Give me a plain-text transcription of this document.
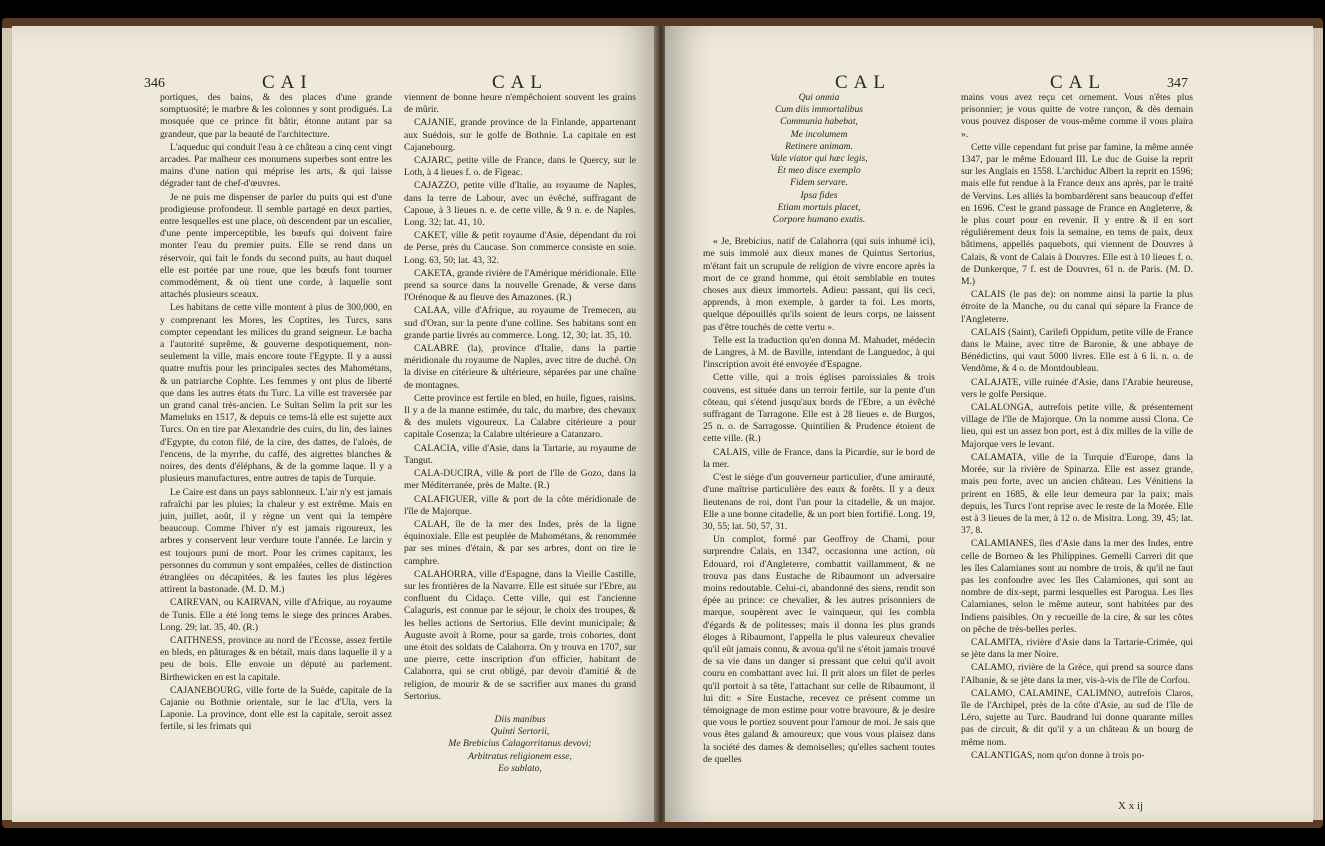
346	CAI	CAL

portiques, des bains, & des places d'une grande somptuosité; le marbre & les colonnes y sont prodigués. La mosquée que ce prince fit bâtir, étonne autant par sa grandeur, que par la beauté de l'architecture.

L'aqueduc qui conduit l'eau à ce château a cinq cent vingt arcades. Par malheur ces monumens superbes sont entre les mains d'une nation qui méprise les arts, & qui laisse dégrader tant de chef-d'œuvres.

Je ne puis me dispenser de parler du puits qui est d'une prodigieuse profondeur. Il semble partagé en deux parties, entre lesquelles est une place, où descendent par un escalier, d'une pente imperceptible, les bœufs qui doivent faire monter l'eau du premier puits. Elle se rend dans un réservoir, qui fait le fonds du second puits, au haut duquel elle est portée par une roue, que les bœufs font tourner commodément, & où tient une corde, à laquelle sont attachés plusieurs sceaux.

Les habitans de cette ville montent à plus de 300,000, en y comprenant les Mores, les Coptites, les Turcs, sans compter cependant les milices du grand seigneur. Le bacha a l'autorité suprême, & gouverne despotiquement, non-seulement la ville, mais encore toute l'Egypte. Il y a aussi quatre muftis pour les principales sectes des Mahométans, & un patriarche Cophte. Les femmes y ont plus de liberté que dans les autres états du Turc. La ville est traversée par un grand canal très-ancien. Le Sultan Selim la prit sur les Mameluks en 1517, & depuis ce tems-là elle est sujette aux Turcs. On en tire par Alexandrie des cuirs, du lin, des laines d'Egypte, du coton filé, de la cire, des dattes, de l'aloès, de l'encens, de la myrrhe, du caffé, des aigrettes blanches & noires, des dents d'éléphans, & de la gomme laque. Il y a plusieurs manufactures, entre autres de tapis de Turquie.

Le Caire est dans un pays sablonneux. L'air n'y est jamais rafraîchi par les pluies; la chaleur y est extrême. Mais en juin, juillet, août, il y règne un vent qui la tempère beaucoup. Comme l'hiver n'y est jamais rigoureux, les arbres y conservent leur verdure toute l'année. Le larcin y est toujours puni de mort. Pour les crimes capitaux, les personnes du commun y sont empalées, celles de distinction étranglées ou décapitées, & les fautes les plus légères attirent la bastonade. (M. D. M.)

CAIREVAN, ou KAIRVAN, ville d'Afrique, au royaume de Tunis. Elle a été long tems le siege des princes Arabes. Long. 29; lat. 35, 40. (R.)

CAITHNESS, province au nord de l'Ecosse, assez fertile en bleds, en pâturages & en bétail, mais dans laquelle il y a peu de bois. Elle envoie un député au parlement. Birthewicken en est la capitale.

CAJANEBOURG, ville forte de la Suède, capitale de la Cajanie ou Bothnie orientale, sur le lac d'Ula, vers la Laponie. La province, dont elle est la capitale, seroit assez fertile, si les frimats qui

viennent de bonne heure n'empêchoient souvent les grains de mûrir.

CAJANIE, grande province de la Finlande, appartenant aux Suédois, sur le golfe de Bothnie. La capitale en est Cajanebourg.

CAJARC, petite ville de France, dans le Quercy, sur le Loth, à 4 lieues f. o. de Figeac.

CAJAZZO, petite ville d'Italie, au royaume de Naples, dans la terre de Labour, avec un évêché, suffragant de Capoue, à 3 lieues n. e. de cette ville, & 9 n. e. de Naples. Long. 32; lat. 41, 10.

CAKET, ville & petit royaume d'Asie, dépendant du roi de Perse, près du Caucase. Son commerce consiste en soie. Long. 63, 50; lat. 43, 32.

CAKETA, grande rivière de l'Amérique méridionale. Elle prend sa source dans la nouvelle Grenade, & verse dans l'Orénoque & au fleuve des Amazones. (R.)

CALAA, ville d'Afrique, au royaume de Tremecen, au sud d'Oran, sur la pente d'une colline. Ses habitans sont en grande partie livrés au commerce. Long. 12, 30; lat. 35, 10.

CALABRE (la), province d'Italie, dans la partie méridionale du royaume de Naples, avec titre de duché. On la divise en citérieure & ultérieure, séparées par une chaîne de montagnes.

Cette province est fertile en bled, en huile, figues, raisins. Il y a de la manne estimée, du talc, du marbre, des chevaux & des mulets vigoureux. La Calabre citérieure a pour capitale Cosenza; la Calabre ultérieure a Catanzaro.

CALACIA, ville d'Asie, dans la Tartarie, au royaume de Tangut.

CALA-DUCIRA, ville & port de l'île de Gozo, dans la mer Méditerranée, près de Malte. (R.)

CALAFIGUER, ville & port de la côte méridionale de l'île de Majorque.

CALAH, île de la mer des Indes, près de la ligne équinoxiale. Elle est peuplée de Mahométans, & renommée par ses mines d'étain, & par ses arbres, dont on tire le camphre.

CALAHORRA, ville d'Espagne, dans la Vieille Castille, sur les frontières de la Navarre. Elle est située sur l'Ebre, au confluent du Cidaço. Cette ville, qui est l'ancienne Calaguris, est connue par le séjour, le choix des troupes, & les belles actions de Sertorius. Elle devint municipale; & Auguste avoit à Rome, pour sa garde, trois cohortes, dont une étoit des soldats de Calahorra. On y trouva en 1707, sur une pierre, cette inscription d'un officier, habitant de Calahorra, qui se crut obligé, par devoir d'amitié & de religion, de mourir & de se sacrifier aux manes du grand Sertorius.

Diis manibus

Quinti Sertorii,

Me Brebicius Calagorritanus devovi;

Arbitratus religionem esse,

Eo sublato,

CAL	CAL	347

Qui omnia

Cum diis immortalibus

Communia habebat,

Me incolumem

Retinere animam.

Vale viator qui hæc legis,

Et meo disce exemplo

Fidem servare.

Ipsa fides

Etiam mortuis placet,

Corpore humano exutis.

« Je, Brebicius, natif de Calahorra (qui suis inhumé ici), me suis immolé aux dieux manes de Quintus Sertorius, m'étant fait un scrupule de religion de vivre encore après la mort de ce grand homme, qui étoit semblable en toutes choses aux dieux immortels. Adieu: passant, qui lis ceci, apprends, à mon exemple, à garder ta foi. Les morts, quelque dépouillés qu'ils soient de leurs corps, ne laissent pas d'être touchés de cette vertu ».

Telle est la traduction qu'en donna M. Mahudet, médecin de Langres, à M. de Baville, intendant de Languedoc, à qui l'inscription avoit été envoyée d'Espagne.

Cette ville, qui a trois églises paroissiales & trois couvens, est située dans un terroir fertile, sur la pente d'un côteau, qui s'étend jusqu'aux bords de l'Ebre, a un évêché suffragant de Tarragone. Elle est à 28 lieues e. de Burgos, 25 n. o. de Sarragosse. Quintilien & Prudence étoient de cette ville. (R.)

CALAIS, ville de France, dans la Picardie, sur le bord de la mer.

C'est le siège d'un gouverneur particulier, d'une amirauté, d'une maîtrise particulière des eaux & forêts. Il y a deux lieutenans de roi, dont l'un pour la citadelle, & un major. Elle a une bonne citadelle, & un port bien fortifié. Long. 19, 30, 55; lat. 50, 57, 31.

Un complot, formé par Geoffroy de Chami, pour surprendre Calais, en 1347, occasionna une action, où Edouard, roi d'Angleterre, combattit vaillamment, & ne trouva pas dans Eustache de Ribaumont un adversaire moins redoutable. Celui-ci, abandonné des siens, rendit son épée au prince: ce chevalier, & les autres prisonniers de marque, soupèrent avec le vainqueur, qui les combla d'égards & de politesses; mais il donna les plus grands éloges à Ribaumont, l'appella le plus valeureux chevalier qu'il eût jamais connu, & avoua qu'il ne s'étoit jamais trouvé de sa vie dans un danger si pressant que celui qu'il avoit couru en combattant avec lui. Il prit alors un filet de perles qu'il portoit à sa tête, l'attachant sur celle de Ribaumont, il lui dit: « Sire Eustache, recevez ce présent comme un témoignage de mon estime pour votre bravoure, & je desire que vous le portiez souvent pour l'amour de moi. Je sais que vous êtes galand & amoureux; que vous vous plaisez dans la société des dames & demoiselles; qu'elles sachent toutes de quelles

mains vous avez reçu cet ornement. Vous n'êtes plus prisonnier; je vous quitte de votre rançon, & dès demain vous pouvez disposer de vous-même comme il vous plaira ».

Cette ville cependant fut prise par famine, la même année 1347, par le même Edouard III. Le duc de Guise la reprit sur les Anglais en 1558. L'archiduc Albert la reprit en 1596; mais elle fut rendue à la France deux ans après, par le traité de Vervins. Les alliés la bombardèrent sans beaucoup d'effet en 1696. C'est le grand passage de France en Angleterre, & le plus court pour en revenir. Il y entre & il en sort régulièrement deux fois la semaine, en tems de paix, deux bâtimens, appellés paquebots, qui viennent de Douvres à Calais, & vont de Calais à Douvres. Elle est à 10 lieues f. o. de Dunkerque, 7 f. est de Douvres, 61 n. de Paris. (M. D. M.)

CALAIS (le pas de): on nomme ainsi la partie la plus étroite de la Manche, ou du canal qui sépare la France de l'Angleterre.

CALAIS (Saint), Carilefi Oppidum, petite ville de France dans le Maine, avec titre de Baronie, & une abbaye de Bénédictins, qui vaut 5000 livres. Elle est à 6 li. n. o. de Vendôme, & 4 o. de Montdoubleau.

CALAJATE, ville ruinée d'Asie, dans l'Arabie heureuse, vers le golfe Persique.

CALALONGA, autrefois petite ville, & présentement village de l'île de Majorque. On la nomme aussi Clona. Ce lieu, qui est un assez bon port, est à dix milles de la ville de Majorque vers le levant.

CALAMATA, ville de la Turquie d'Europe, dans la Morée, sur la rivière de Spinarza. Elle est assez grande, mais peu forte, avec un ancien château. Les Vénitiens la prirent en 1685, & elle leur demeura par la paix; mais depuis, les Turcs l'ont reprise avec le reste de la Morée. Elle est à 3 lieues de la mer, à 12 o. de Misitra. Long. 39, 45; lat. 37, 8.

CALAMIANES, îles d'Asie dans la mer des Indes, entre celle de Borneo & les Philippines. Gemelli Carreri dit que les îles Calamianes sont au nombre de trois, & qu'il ne faut pas les confondre avec les îles Calamiones, qui sont au nombre de dix-sept, parmi lesquelles est Parogua. Les îles Calamianes, selon le même auteur, sont habitées par des Indiens paisibles. On y recueille de la cire, & sur les côtes on pêche de très-belles perles.

CALAMITA, rivière d'Asie dans la Tartarie-Crimée, qui se jète dans la mer Noire.

CALAMO, rivière de la Grèce, qui prend sa source dans l'Albanie, & se jète dans la mer, vis-à-vis de l'île de Corfou.

CALAMO, CALAMINE, CALIMNO, autrefois Claros, île de l'Archipel, près de la côte d'Asie, au sud de l'île de Léro, sujette au Turc. Baudrand lui donne quarante milles pas de circuit, & dit qu'il y a un château & un bourg de même nom.

CALANTIGAS, nom qu'on donne à trois po-

X x ij
